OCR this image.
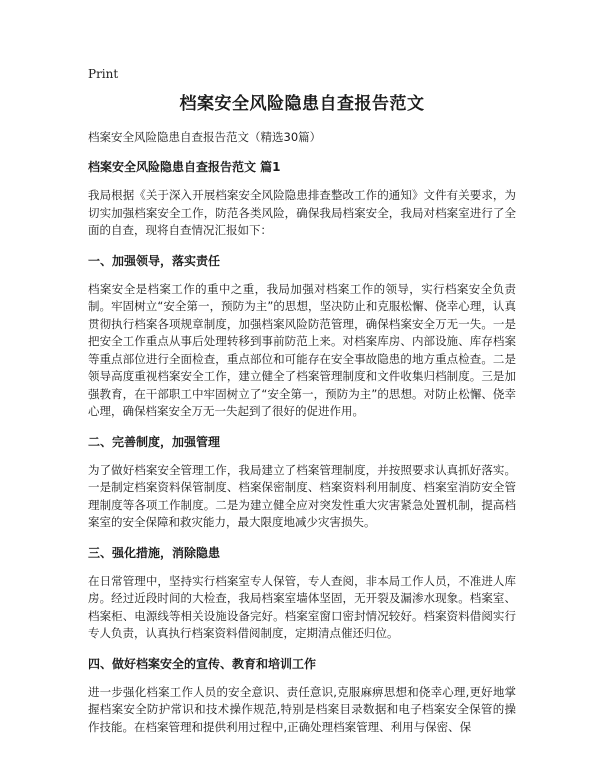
Print
档案安全风险隐患自查报告范文

档案安全风险隐患自查报告范文（精选30篇）

档案安全风险隐患自查报告范文 篇1

我局根据《关于深入开展档案安全风险隐患排查整改工作的通知》文件有关要求，为切实加强档案安全工作，防范各类风险，确保我局档案安全，我局对档案室进行了全面的自查，现将自查情况汇报如下：

一、加强领导，落实责任

档案安全是档案工作的重中之重，我局加强对档案工作的领导，实行档案安全负责制。牢固树立“安全第一，预防为主”的思想，坚决防止和克服松懈、侥幸心理，认真贯彻执行档案各项规章制度，加强档案风险防范管理，确保档案安全万无一失。一是把安全工作重点从事后处理转移到事前防范上来。对档案库房、内部设施、库存档案等重点部位进行全面检查，重点部位和可能存在安全事故隐患的地方重点检查。二是领导高度重视档案安全工作，建立健全了档案管理制度和文件收集归档制度。三是加强教育，在干部职工中牢固树立了“安全第一，预防为主”的思想。对防止松懈、侥幸心理，确保档案安全万无一失起到了很好的促进作用。

二、完善制度，加强管理

为了做好档案安全管理工作，我局建立了档案管理制度，并按照要求认真抓好落实。一是制定档案资料保管制度、档案保密制度、档案资料利用制度、档案室消防安全管理制度等各项工作制度。二是为建立健全应对突发性重大灾害紧急处置机制，提高档案室的安全保障和救灾能力，最大限度地减少灾害损失。

三、强化措施，消除隐患

在日常管理中，坚持实行档案室专人保管，专人查阅，非本局工作人员，不准进人库房。经过近段时间的大检查，我局档案室墙体坚固，无开裂及漏渗水现象。档案室、档案柜、电源线等相关设施设备完好。档案室窗口密封情况较好。档案资料借阅实行专人负责，认真执行档案资料借阅制度，定期清点催还归位。

四、做好档案安全的宣传、教育和培训工作

进一步强化档案工作人员的安全意识、责任意识,克服麻痹思想和侥幸心理,更好地掌握档案安全防护常识和技术操作规范,特别是档案目录数据和电子档案安全保管的操作技能。在档案管理和提供利用过程中,正确处理档案管理、利用与保密、保
